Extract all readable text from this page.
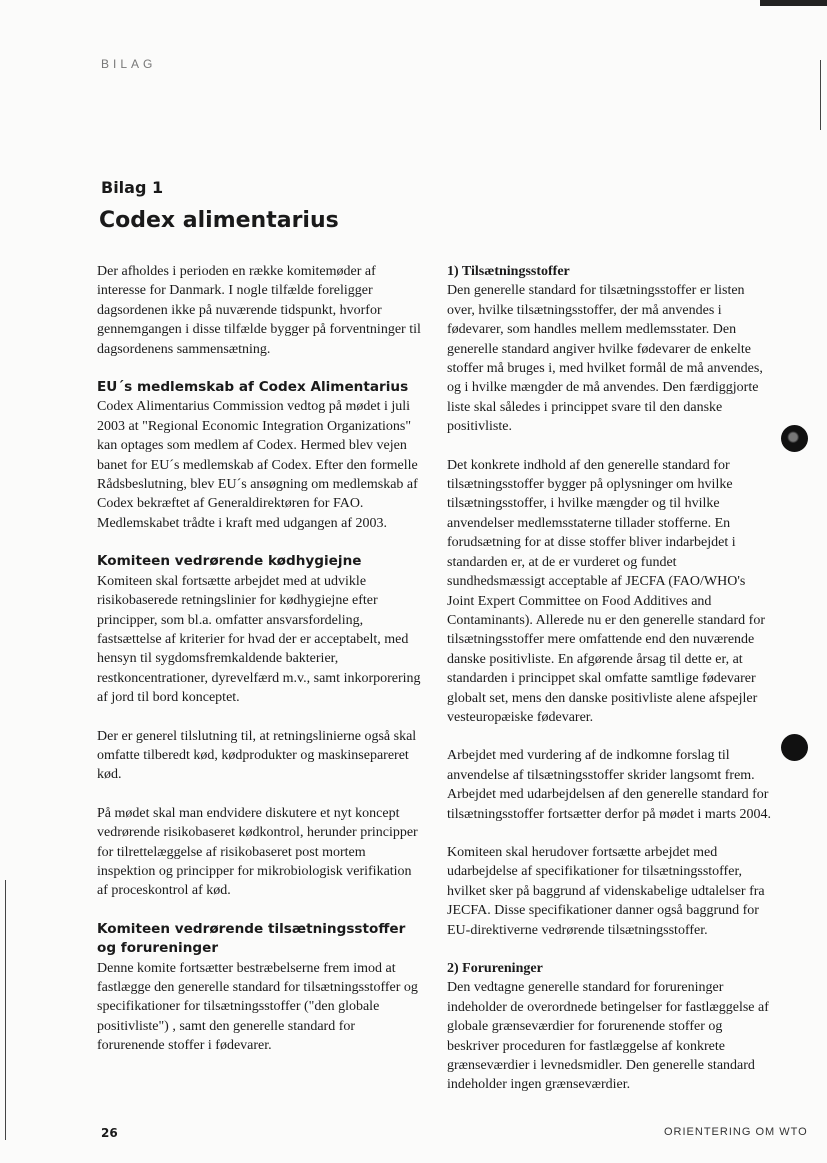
BILAG
Bilag 1
Codex alimentarius

Der afholdes i perioden en række komitemøder af interesse for Danmark. I nogle tilfælde foreligger dagsordenen ikke på nuværende tidspunkt, hvorfor gennemgangen i disse tilfælde bygger på forventninger til dagsordenens sammensætning.

EU´s medlemskab af Codex Alimentarius

Codex Alimentarius Commission vedtog på mødet i juli 2003 at "Regional Economic Integration Organizations" kan optages som medlem af Codex. Hermed blev vejen banet for EU´s medlemskab af Codex. Efter den formelle Rådsbeslutning, blev EU´s ansøgning om medlemskab af Codex bekræftet af Generaldirektøren for FAO. Medlemskabet trådte i kraft med udgangen af 2003.

Komiteen vedrørende kødhygiejne

Komiteen skal fortsætte arbejdet med at udvikle risikobaserede retningslinier for kødhygiejne efter principper, som bl.a. omfatter ansvarsfordeling, fastsættelse af kriterier for hvad der er acceptabelt, med hensyn til sygdomsfremkaldende bakterier, restkoncentrationer, dyrevelfærd m.v., samt inkorporering af jord til bord konceptet.

Der er generel tilslutning til, at retningslinierne også skal omfatte tilberedt kød, kødprodukter og maskinsepareret kød.

På mødet skal man endvidere diskutere et nyt koncept vedrørende risikobaseret kødkontrol, herunder principper for tilrettelæggelse af risikobaseret post mortem inspektion og principper for mikrobiologisk verifikation af proceskontrol af kød.

Komiteen vedrørende tilsætningsstoffer og forureninger

Denne komite fortsætter bestræbelserne frem imod at fastlægge den generelle standard for tilsætningsstoffer og specifikationer for tilsætningsstoffer ("den globale positivliste") , samt den generelle standard for forurenende stoffer i fødevarer.

1) Tilsætningsstoffer

Den generelle standard for tilsætningsstoffer er listen over, hvilke tilsætningsstoffer, der må anvendes i fødevarer, som handles mellem medlemsstater. Den generelle standard angiver hvilke fødevarer de enkelte stoffer må bruges i, med hvilket formål de må anvendes, og i hvilke mængder de må anvendes. Den færdiggjorte liste skal således i princippet svare til den danske positivliste.

Det konkrete indhold af den generelle standard for tilsætningsstoffer bygger på oplysninger om hvilke tilsætningsstoffer, i hvilke mængder og til hvilke anvendelser medlemsstaterne tillader stofferne. En forudsætning for at disse stoffer bliver indarbejdet i standarden er, at de er vurderet og fundet sundhedsmæssigt acceptable af JECFA (FAO/WHO's Joint Expert Committee on Food Additives and Contaminants). Allerede nu er den generelle standard for tilsætningsstoffer mere omfattende end den nuværende danske positivliste. En afgørende årsag til dette er, at standarden i princippet skal omfatte samtlige fødevarer globalt set, mens den danske positivliste alene afspejler vesteuropæiske fødevarer.

Arbejdet med vurdering af de indkomne forslag til anvendelse af tilsætningsstoffer skrider langsomt frem. Arbejdet med udarbejdelsen af den generelle standard for tilsætningsstoffer fortsætter derfor på mødet i marts 2004.

Komiteen skal herudover fortsætte arbejdet med udarbejdelse af specifikationer for tilsætningsstoffer, hvilket sker på baggrund af videnskabelige udtalelser fra JECFA. Disse specifikationer danner også baggrund for EU-direktiverne vedrørende tilsætningsstoffer.

2) Forureninger

Den vedtagne generelle standard for forureninger indeholder de overordnede betingelser for fastlæggelse af globale grænseværdier for forurenende stoffer og beskriver proceduren for fastlæggelse af konkrete grænseværdier i levnedsmidler. Den generelle standard indeholder ingen grænseværdier.

26	ORIENTERING OM WTO
